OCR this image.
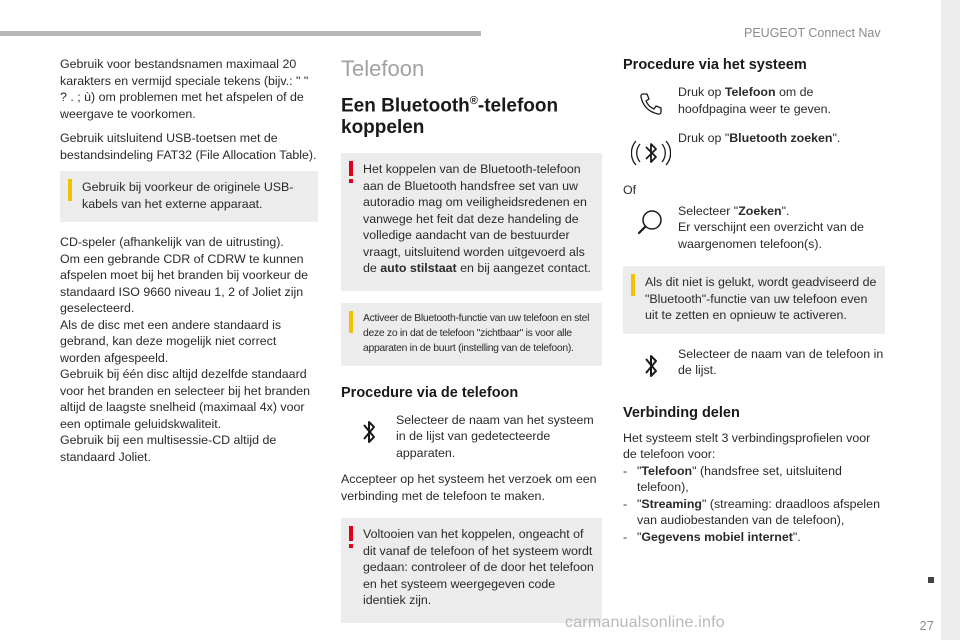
PEUGEOT Connect Nav

Gebruik voor bestandsnamen maximaal 20 karakters en vermijd speciale tekens (bijv.: " " ? . ; ù) om problemen met het afspelen of de weergave te voorkomen.

Gebruik uitsluitend USB-toetsen met de bestandsindeling FAT32 (File Allocation Table).

Gebruik bij voorkeur de originele USB-kabels van het externe apparaat.

CD-speler (afhankelijk van de uitrusting).

Om een gebrande CDR of CDRW te kunnen afspelen moet bij het branden bij voorkeur de standaard ISO 9660 niveau 1, 2 of Joliet zijn geselecteerd.

Als de disc met een andere standaard is gebrand, kan deze mogelijk niet correct worden afgespeeld.

Gebruik bij één disc altijd dezelfde standaard voor het branden en selecteer bij het branden altijd de laagste snelheid (maximaal 4x) voor een optimale geluidskwaliteit.

Gebruik bij een multisessie-CD altijd de standaard Joliet.

Telefoon
Een Bluetooth®-telefoon koppelen
Het koppelen van de Bluetooth-telefoon aan de Bluetooth handsfree set van uw autoradio mag om veiligheidsredenen en vanwege het feit dat deze handeling de volledige aandacht van de bestuurder vraagt, uitsluitend worden uitgevoerd als de auto stilstaat en bij aangezet contact.
Activeer de Bluetooth-functie van uw telefoon en stel deze zo in dat de telefoon "zichtbaar" is voor alle apparaten in de buurt (instelling van de telefoon).
Procedure via de telefoon
Selecteer de naam van het systeem in de lijst van gedetecteerde apparaten.

Accepteer op het systeem het verzoek om een verbinding met de telefoon te maken.

Voltooien van het koppelen, ongeacht of dit vanaf de telefoon of het systeem wordt gedaan: controleer of de door het telefoon en het systeem weergegeven code identiek zijn.
Procedure via het systeem
Druk op Telefoon om de hoofdpagina weer te geven.
Druk op "Bluetooth zoeken".

Of

Selecteer "Zoeken".
Er verschijnt een overzicht van de waargenomen telefoon(s).
Als dit niet is gelukt, wordt geadviseerd de "Bluetooth"-functie van uw telefoon even uit te zetten en opnieuw te activeren.
Selecteer de naam van de telefoon in de lijst.
Verbinding delen

Het systeem stelt 3 verbindingsprofielen voor de telefoon voor:

- "Telefoon" (handsfree set, uitsluitend telefoon),
- "Streaming" (streaming: draadloos afspelen van audiobestanden van de telefoon),
- "Gegevens mobiel internet".
carmanualsonline.info	27
